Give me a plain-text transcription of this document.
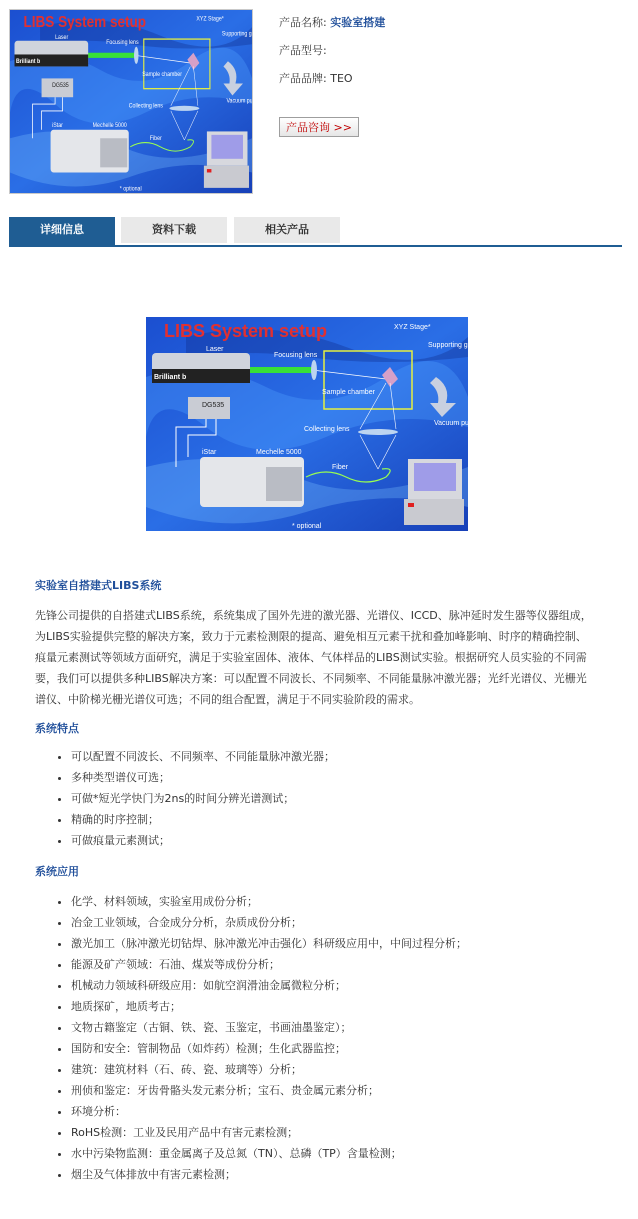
产品名称: 实验室搭建
产品型号:
产品品牌: TEO
产品咨询 >>
详细信息	资料下载	相关产品

实验室自搭建式LIBS系统

先锋公司提供的自搭建式LIBS系统，系统集成了国外先进的激光器、光谱仪、ICCD、脉冲延时发生器等仪器组成，为LIBS实验提供完整的解决方案，致力于元素检测限的提高、避免相互元素干扰和叠加峰影响、时序的精确控制、痕量元素测试等领域方面研究，满足于实验室固体、液体、气体样品的LIBS测试实验。根据研究人员实验的不同需要，我们可以提供多种LIBS解决方案：可以配置不同波长、不同频率、不同能量脉冲激光器；光纤光谱仪、光栅光谱仪、中阶梯光栅光谱仪可选；不同的组合配置，满足于不同实验阶段的需求。

系统特点

• 可以配置不同波长、不同频率、不同能量脉冲激光器；
• 多种类型谱仪可选；
• 可做*短光学快门为2ns的时间分辨光谱测试；
• 精确的时序控制；
• 可做痕量元素测试；

系统应用

• 化学、材料领域，实验室用成份分析；
• 冶金工业领域，合金成分分析，杂质成份分析；
• 激光加工（脉冲激光切钻焊、脉冲激光冲击强化）科研级应用中，中间过程分析；
• 能源及矿产领域：石油、煤炭等成份分析；
• 机械动力领域科研级应用：如航空润滑油金属微粒分析；
• 地质探矿，地质考古；
• 文物古籍鉴定（古铜、铁、瓷、玉鉴定，书画油墨鉴定）；
• 国防和安全：管制物品（如炸药）检测；生化武器监控；
• 建筑：建筑材料（石、砖、瓷、玻璃等）分析；
• 刑侦和鉴定：牙齿骨骼头发元素分析；宝石、贵金属元素分析；
• 环境分析：
• RoHS检测：工业及民用产品中有害元素检测；
• 水中污染物监测：重金属离子及总氮（TN）、总磷（TP）含量检测；
• 烟尘及气体排放中有害元素检测；
